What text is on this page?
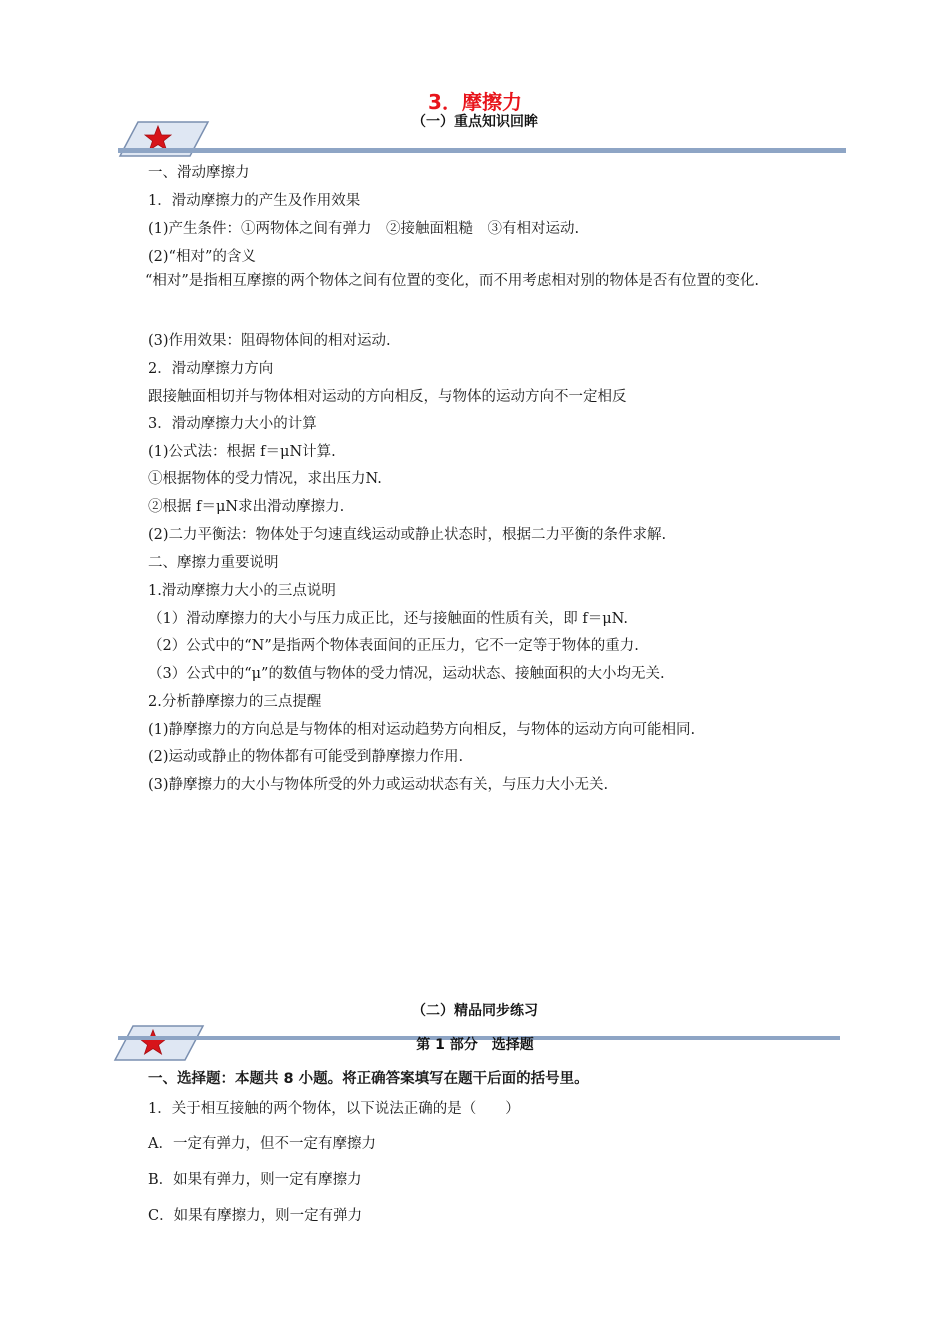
3．摩擦力
（一）重点知识回眸
一、滑动摩擦力
1．滑动摩擦力的产生及作用效果
(1)产生条件：①两物体之间有弹力　②接触面粗糙　③有相对运动.
(2)“相对”的含义
“相对”是指相互摩擦的两个物体之间有位置的变化，而不用考虑相对别的物体是否有位置的变化.
(3)作用效果：阻碍物体间的相对运动.
2．滑动摩擦力方向
跟接触面相切并与物体相对运动的方向相反，与物体的运动方向不一定相反
3．滑动摩擦力大小的计算
(1)公式法：根据 f＝μN计算.
①根据物体的受力情况，求出压力N.
②根据 f＝μN求出滑动摩擦力.
(2)二力平衡法：物体处于匀速直线运动或静止状态时，根据二力平衡的条件求解.
二、摩擦力重要说明
1.滑动摩擦力大小的三点说明
（1）滑动摩擦力的大小与压力成正比，还与接触面的性质有关，即 f＝μN.
（2）公式中的“N”是指两个物体表面间的正压力，它不一定等于物体的重力.
（3）公式中的“μ”的数值与物体的受力情况，运动状态、接触面积的大小均无关.
2.分析静摩擦力的三点提醒
(1)静摩擦力的方向总是与物体的相对运动趋势方向相反，与物体的运动方向可能相同.
(2)运动或静止的物体都有可能受到静摩擦力作用.
(3)静摩擦力的大小与物体所受的外力或运动状态有关，与压力大小无关.
（二）精品同步练习
第 1 部分　选择题
一、选择题：本题共 8 小题。将正确答案填写在题干后面的括号里。
1．关于相互接触的两个物体，以下说法正确的是（　　）
A．一定有弹力，但不一定有摩擦力
B．如果有弹力，则一定有摩擦力
C．如果有摩擦力，则一定有弹力
